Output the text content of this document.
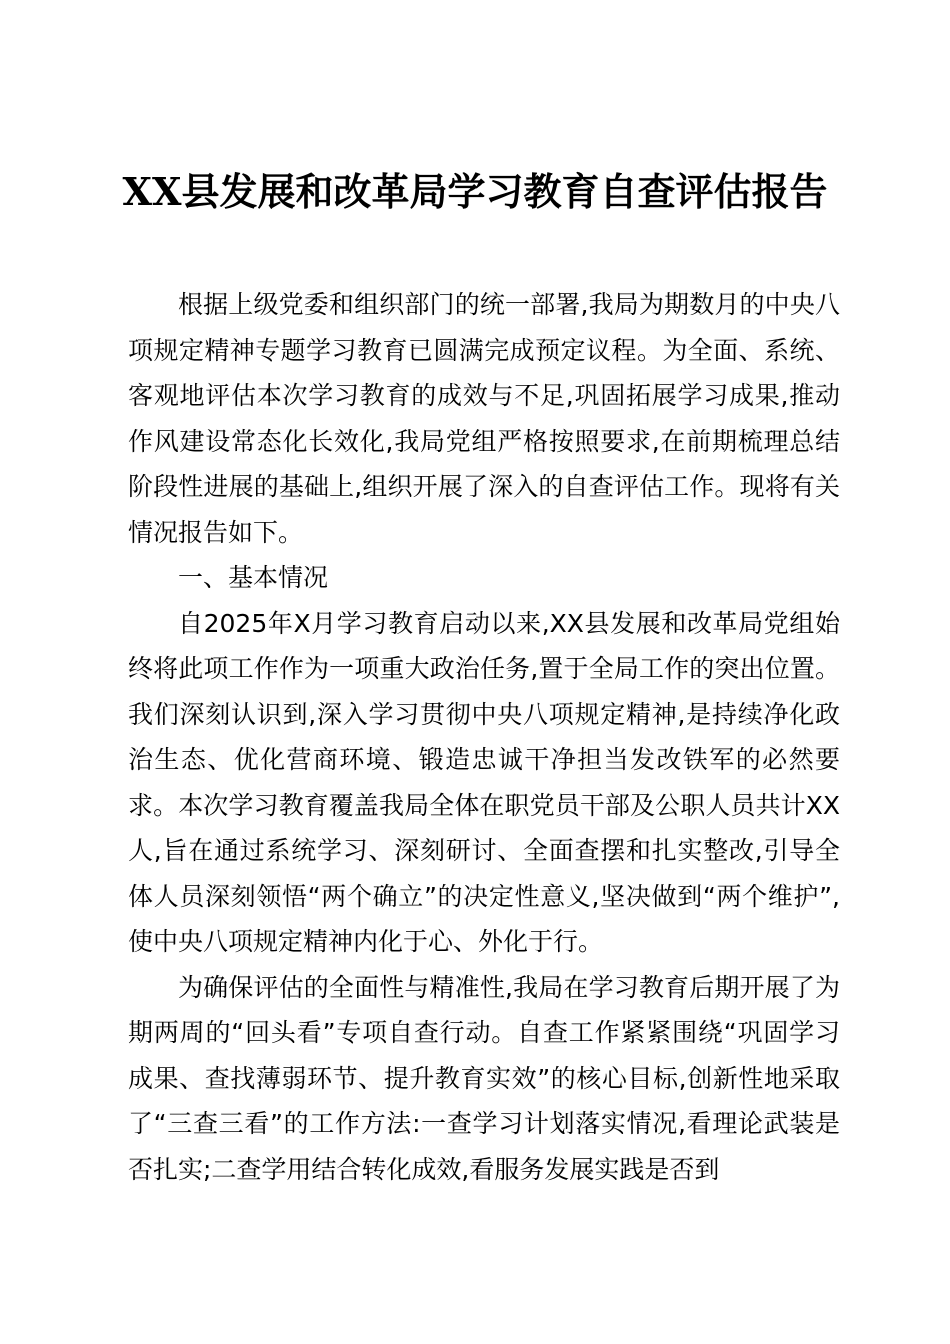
XX县发展和改革局学习教育自查评估报告

根据上级党委和组织部门的统一部署,我局为期数月的中央八项规定精神专题学习教育已圆满完成预定议程。为全面、系统、客观地评估本次学习教育的成效与不足,巩固拓展学习成果,推动作风建设常态化长效化,我局党组严格按照要求,在前期梳理总结阶段性进展的基础上,组织开展了深入的自查评估工作。现将有关情况报告如下。

一、基本情况

自2025年X月学习教育启动以来,XX县发展和改革局党组始终将此项工作作为一项重大政治任务,置于全局工作的突出位置。我们深刻认识到,深入学习贯彻中央八项规定精神,是持续净化政治生态、优化营商环境、锻造忠诚干净担当发改铁军的必然要求。本次学习教育覆盖我局全体在职党员干部及公职人员共计XX人,旨在通过系统学习、深刻研讨、全面查摆和扎实整改,引导全体人员深刻领悟“两个确立”的决定性意义,坚决做到“两个维护”,使中央八项规定精神内化于心、外化于行。

为确保评估的全面性与精准性,我局在学习教育后期开展了为期两周的“回头看”专项自查行动。自查工作紧紧围绕“巩固学习成果、查找薄弱环节、提升教育实效”的核心目标,创新性地采取了“三查三看”的工作方法:一查学习计划落实情况,看理论武装是否扎实;二查学用结合转化成效,看服务发展实践是否到
